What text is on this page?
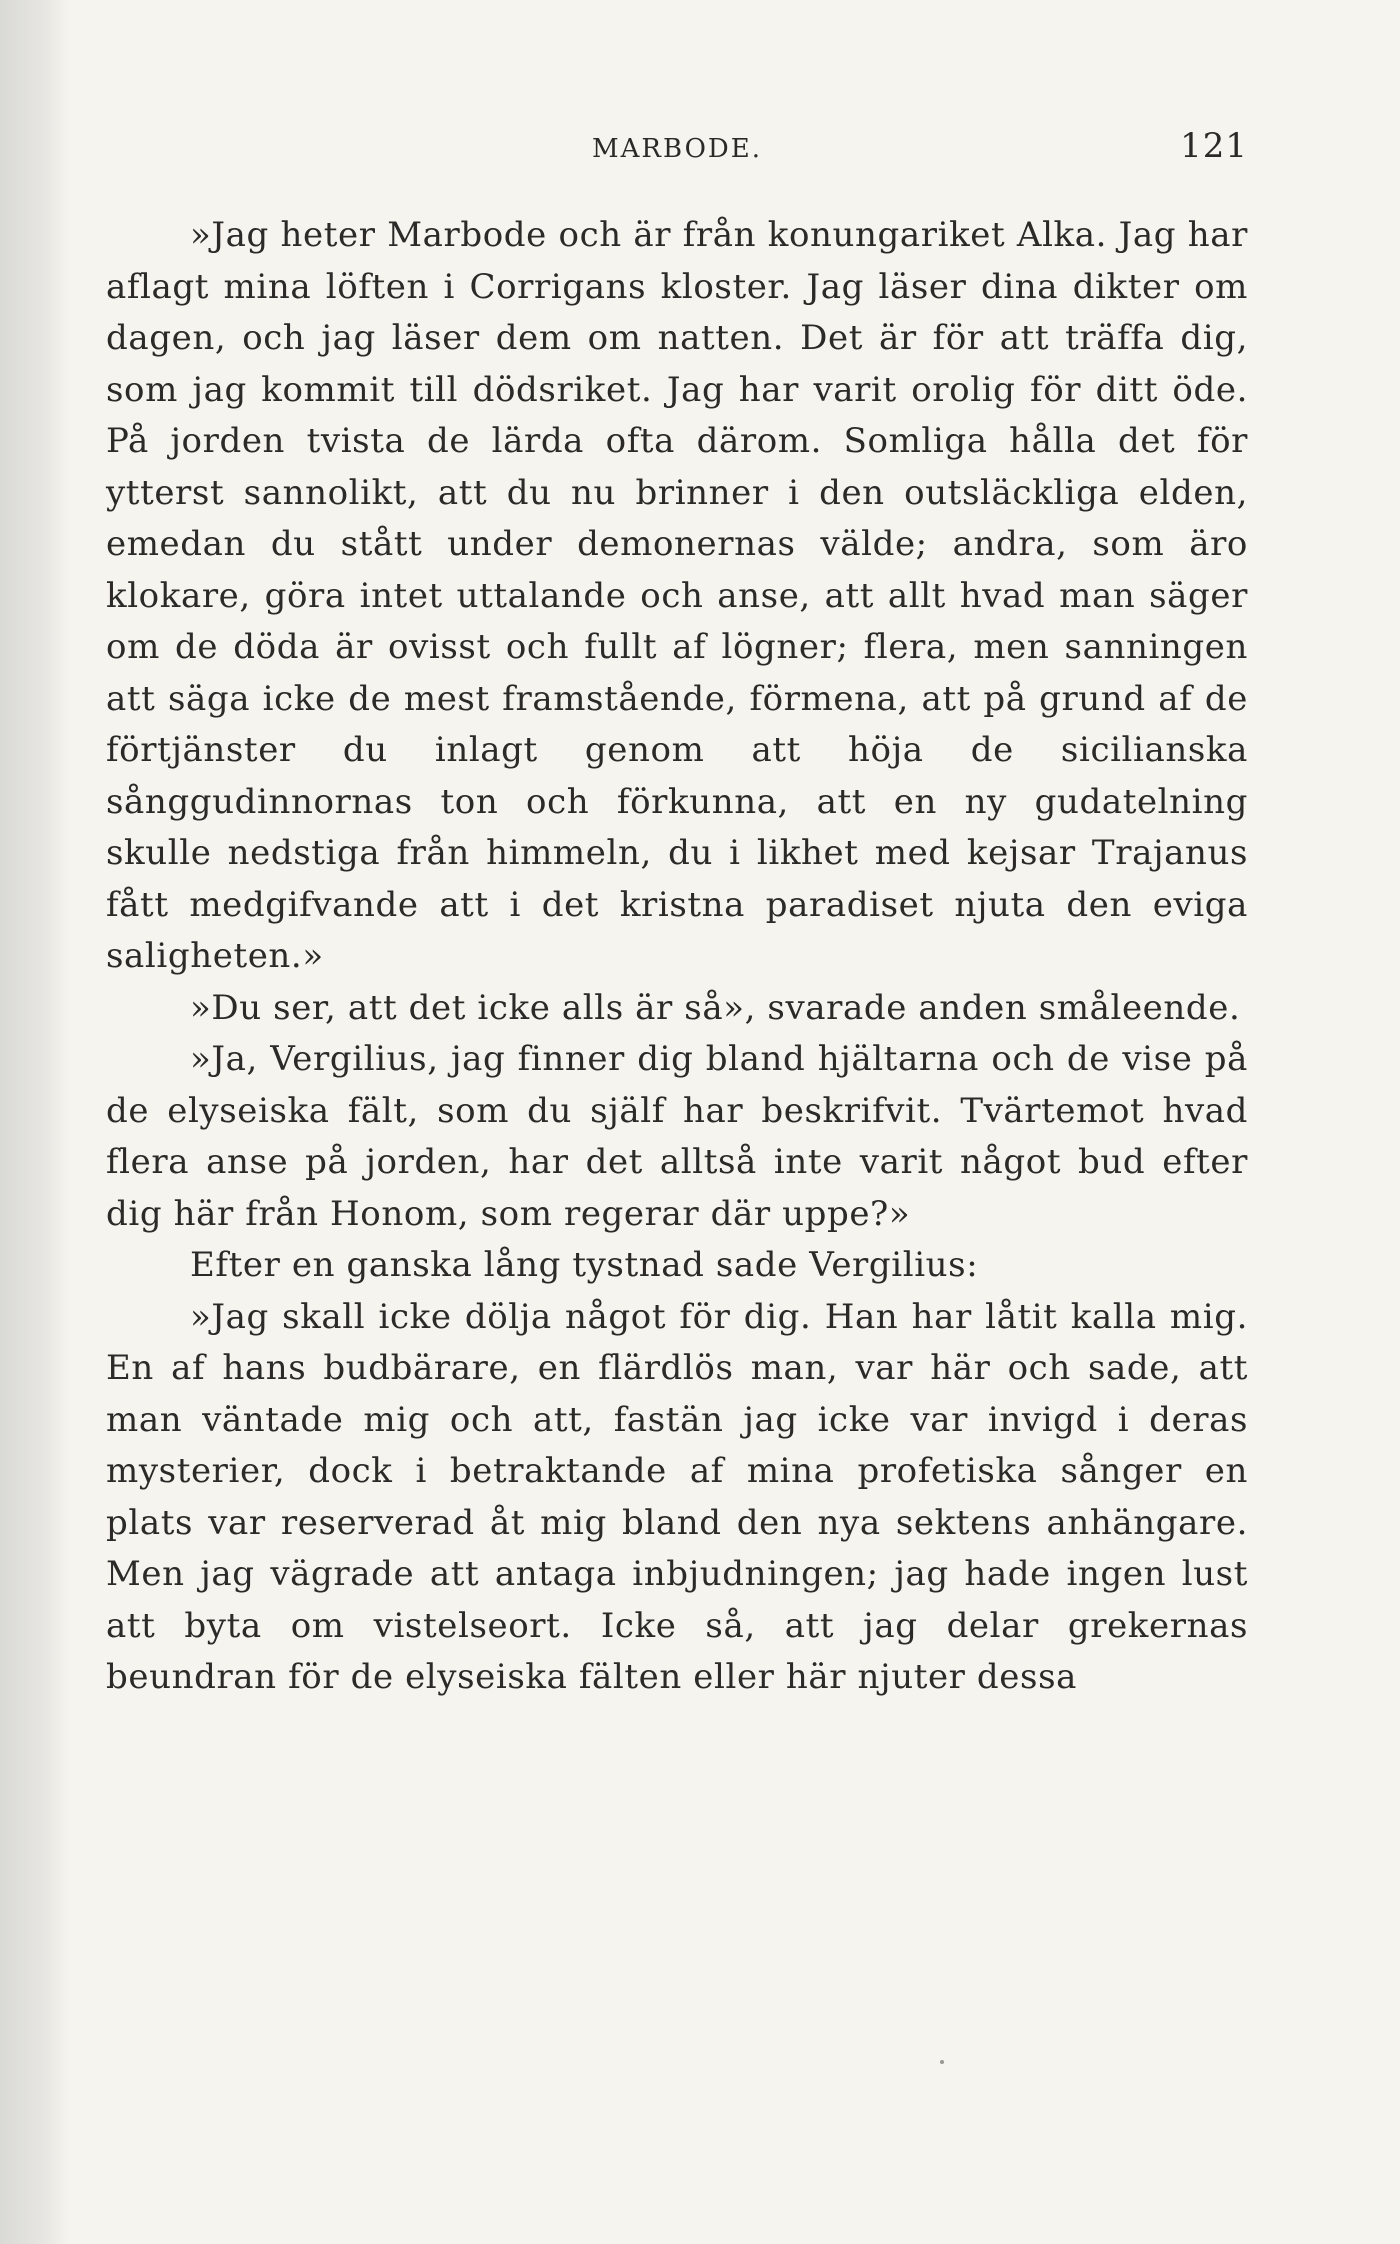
MARBODE.	121

»Jag heter Marbode och är från konungariket Alka. Jag har aflagt mina löften i Corrigans kloster. Jag läser dina dikter om dagen, och jag läser dem om natten. Det är för att träffa dig, som jag kommit till dödsriket. Jag har varit orolig för ditt öde. På jorden tvista de lärda ofta därom. Somliga hålla det för ytterst sannolikt, att du nu brinner i den outsläckliga elden, emedan du stått under demonernas välde; andra, som äro klokare, göra intet uttalande och anse, att allt hvad man säger om de döda är ovisst och fullt af lögner; flera, men sanningen att säga icke de mest framstående, förmena, att på grund af de förtjänster du inlagt genom att höja de sicilianska sånggudinnornas ton och förkunna, att en ny gudatelning skulle nedstiga från himmeln, du i likhet med kejsar Trajanus fått medgifvande att i det kristna paradiset njuta den eviga saligheten.»

»Du ser, att det icke alls är så», svarade anden småleende.

»Ja, Vergilius, jag finner dig bland hjältarna och de vise på de elyseiska fält, som du själf har beskrifvit. Tvärtemot hvad flera anse på jorden, har det alltså inte varit något bud efter dig här från Honom, som regerar där uppe?»

Efter en ganska lång tystnad sade Vergilius:

»Jag skall icke dölja något för dig. Han har låtit kalla mig. En af hans budbärare, en flärdlös man, var här och sade, att man väntade mig och att, fastän jag icke var invigd i deras mysterier, dock i betraktande af mina profetiska sånger en plats var reserverad åt mig bland den nya sektens anhängare. Men jag vägrade att antaga inbjudningen; jag hade ingen lust att byta om vistelseort. Icke så, att jag delar grekernas beundran för de elyseiska fälten eller här njuter dessa
